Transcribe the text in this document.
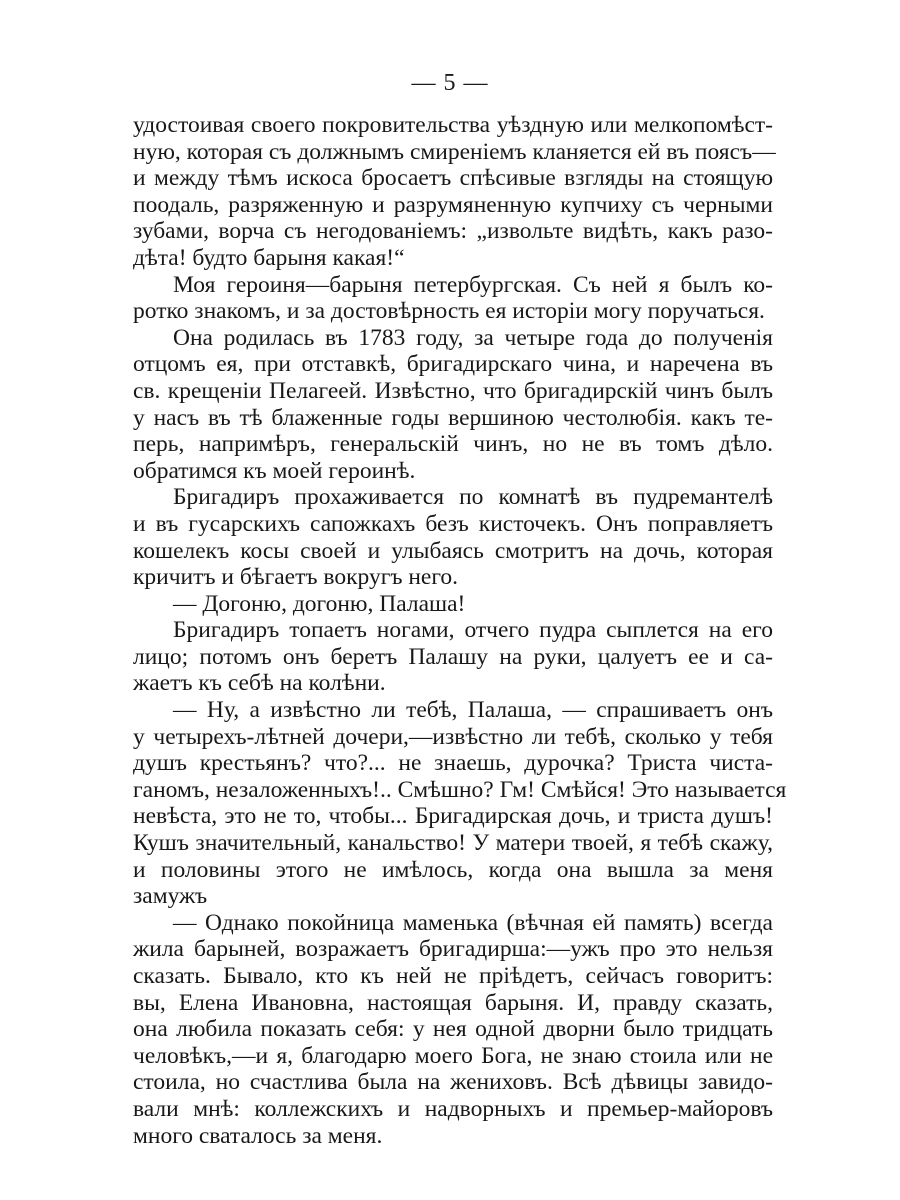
— 5 —
удостоивая своего покровительства уѣздную или мелкопомѣст-
ную, которая съ должнымъ смиреніемъ кланяется ей въ поясъ—
и между тѣмъ искоса бросаетъ спѣсивые взгляды на стоящую
поодаль, разряженную и разрумяненную купчиху съ черными
зубами, ворча съ негодованіемъ: „извольте видѣть, какъ разо-
дѣта! будто барыня какая!“
Моя героиня—барыня петербургская. Съ ней я былъ ко-
ротко знакомъ, и за достовѣрность ея исторіи могу поручаться.
Она родилась въ 1783 году, за четыре года до полученія
отцомъ ея, при отставкѣ, бригадирскаго чина, и наречена въ
св. крещеніи Пелагеей. Извѣстно, что бригадирскій чинъ былъ
у насъ въ тѣ блаженные годы вершиною честолюбія. какъ те-
перь, напримѣръ, генеральскій чинъ, но не въ томъ дѣло.
обратимся къ моей героинѣ.
Бригадиръ прохаживается по комнатѣ въ пудремантелѣ
и въ гусарскихъ сапожкахъ безъ кисточекъ. Онъ поправляетъ
кошелекъ косы своей и улыбаясь смотритъ на дочь, которая
кричитъ и бѣгаетъ вокругъ него.
— Догоню, догоню, Палаша!
Бригадиръ топаетъ ногами, отчего пудра сыплется на его
лицо; потомъ онъ беретъ Палашу на руки, цалуетъ ее и са-
жаетъ къ себѣ на колѣни.
— Ну, а извѣстно ли тебѣ, Палаша, — спрашиваетъ онъ
у четырехъ-лѣтней дочери,—извѣстно ли тебѣ, сколько у тебя
душъ крестьянъ? что?... не знаешь, дурочка? Триста чиста-
ганомъ, незаложенныхъ!.. Смѣшно? Гм! Смѣйся! Это называется
невѣста, это не то, чтобы... Бригадирская дочь, и триста душъ!
Кушъ значительный, канальство! У матери твоей, я тебѣ скажу,
и половины этого не имѣлось, когда она вышла за меня
замужъ
— Однако покойница маменька (вѣчная ей память) всегда
жила барыней, возражаетъ бригадирша:—ужъ про это нельзя
сказать. Бывало, кто къ ней не пріѣдетъ, сейчасъ говоритъ:
вы, Елена Ивановна, настоящая барыня. И, правду сказать,
она любила показать себя: у нея одной дворни было тридцать
человѣкъ,—и я, благодарю моего Бога, не знаю стоила или не
стоила, но счастлива была на жениховъ. Всѣ дѣвицы завидо-
вали мнѣ: коллежскихъ и надворныхъ и премьер-майоровъ
много сваталось за меня.
